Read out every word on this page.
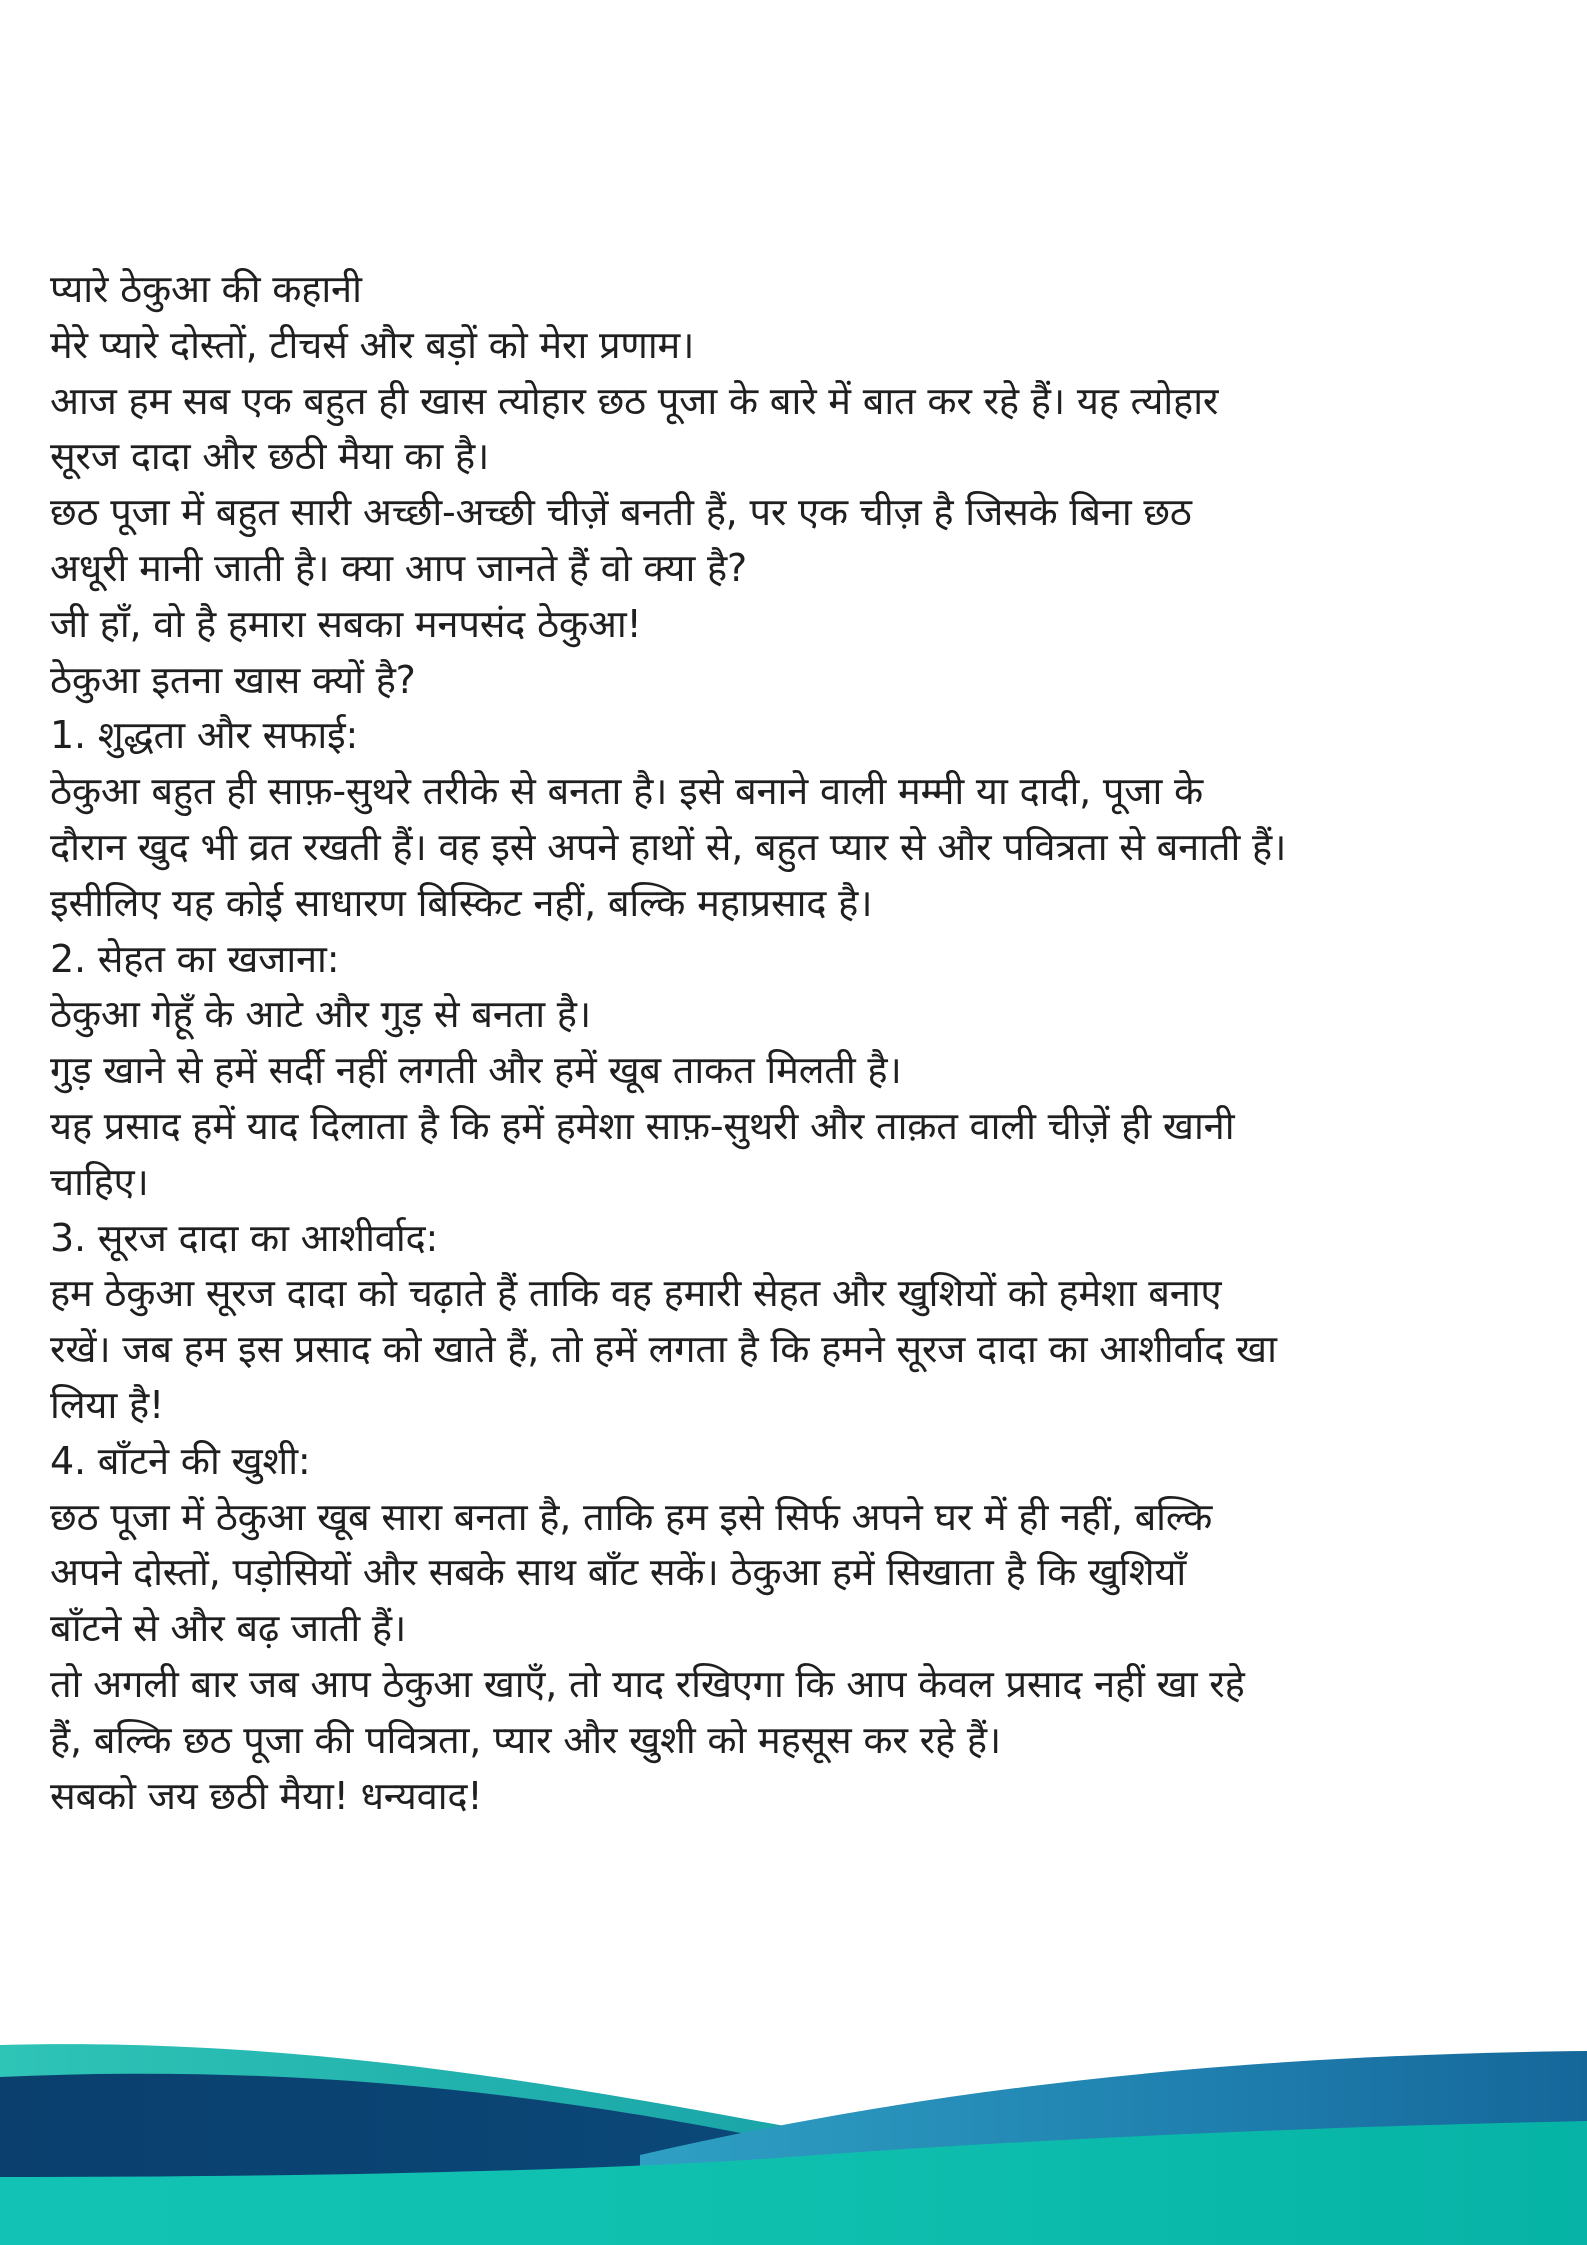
प्यारे ठेकुआ की कहानी
मेरे प्यारे दोस्तों, टीचर्स और बड़ों को मेरा प्रणाम।
आज हम सब एक बहुत ही खास त्योहार छठ पूजा के बारे में बात कर रहे हैं। यह त्योहार
सूरज दादा और छठी मैया का है।
छठ पूजा में बहुत सारी अच्छी-अच्छी चीज़ें बनती हैं, पर एक चीज़ है जिसके बिना छठ
अधूरी मानी जाती है। क्या आप जानते हैं वो क्या है?
जी हाँ, वो है हमारा सबका मनपसंद ठेकुआ!
ठेकुआ इतना खास क्यों है?
1. शुद्धता और सफाई:
ठेकुआ बहुत ही साफ़-सुथरे तरीके से बनता है। इसे बनाने वाली मम्मी या दादी, पूजा के
दौरान खुद भी व्रत रखती हैं। वह इसे अपने हाथों से, बहुत प्यार से और पवित्रता से बनाती हैं।
इसीलिए यह कोई साधारण बिस्किट नहीं, बल्कि महाप्रसाद है।
2. सेहत का खजाना:
ठेकुआ गेहूँ के आटे और गुड़ से बनता है।
गुड़ खाने से हमें सर्दी नहीं लगती और हमें खूब ताकत मिलती है।
यह प्रसाद हमें याद दिलाता है कि हमें हमेशा साफ़-सुथरी और ताक़त वाली चीज़ें ही खानी
चाहिए।
3. सूरज दादा का आशीर्वाद:
हम ठेकुआ सूरज दादा को चढ़ाते हैं ताकि वह हमारी सेहत और खुशियों को हमेशा बनाए
रखें। जब हम इस प्रसाद को खाते हैं, तो हमें लगता है कि हमने सूरज दादा का आशीर्वाद खा
लिया है!
4. बाँटने की खुशी:
छठ पूजा में ठेकुआ खूब सारा बनता है, ताकि हम इसे सिर्फ अपने घर में ही नहीं, बल्कि
अपने दोस्तों, पड़ोसियों और सबके साथ बाँट सकें। ठेकुआ हमें सिखाता है कि खुशियाँ
बाँटने से और बढ़ जाती हैं।
तो अगली बार जब आप ठेकुआ खाएँ, तो याद रखिएगा कि आप केवल प्रसाद नहीं खा रहे
हैं, बल्कि छठ पूजा की पवित्रता, प्यार और खुशी को महसूस कर रहे हैं।
सबको जय छठी मैया! धन्यवाद!
